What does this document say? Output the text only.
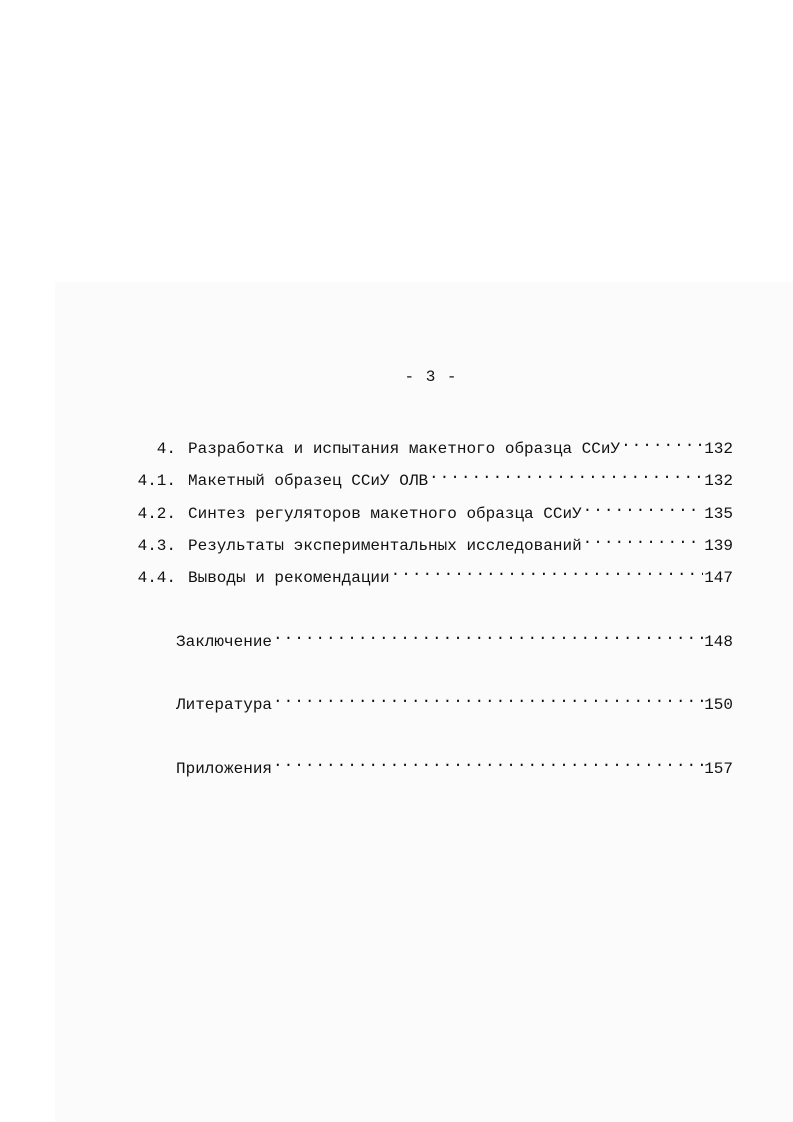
- 3 -
4. Разработка и испытания макетного образца ССиУ .....	132
4.1. Макетный образец ССиУ ОЛВ .....	132
4.2. Синтез регуляторов макетного образца ССиУ .....	135
4.3. Результаты экспериментальных исследований .....	139
4.4. Выводы и рекомендации .....	147
Заключение .....	148
Литература .....	150
Приложения .....	157
